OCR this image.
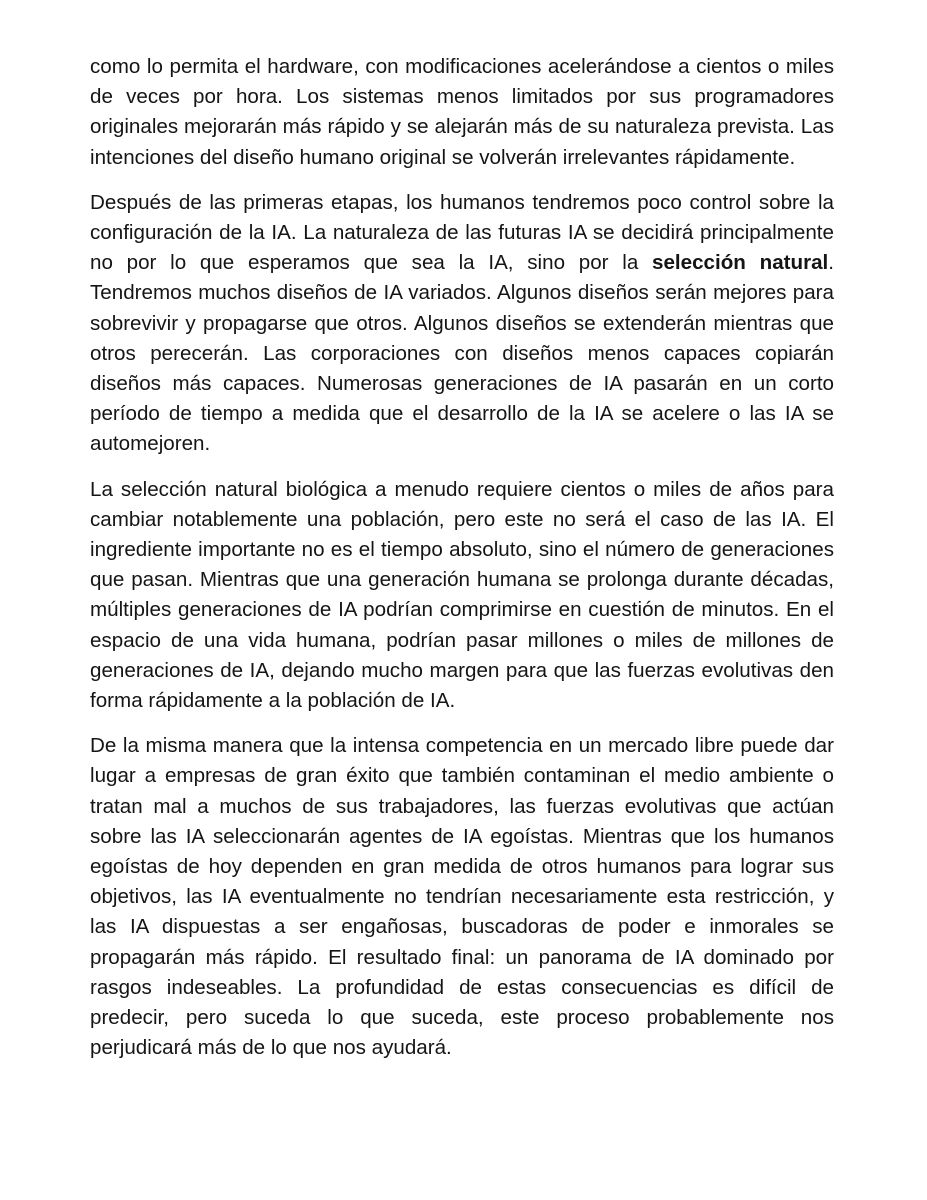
como lo permita el hardware, con modificaciones acelerándose a cientos o miles de veces por hora. Los sistemas menos limitados por sus programadores originales mejorarán más rápido y se alejarán más de su naturaleza prevista. Las intenciones del diseño humano original se volverán irrelevantes rápidamente.

Después de las primeras etapas, los humanos tendremos poco control sobre la configuración de la IA. La naturaleza de las futuras IA se decidirá principalmente no por lo que esperamos que sea la IA, sino por la selección natural. Tendremos muchos diseños de IA variados. Algunos diseños serán mejores para sobrevivir y propagarse que otros. Algunos diseños se extenderán mientras que otros perecerán. Las corporaciones con diseños menos capaces copiarán diseños más capaces. Numerosas generaciones de IA pasarán en un corto período de tiempo a medida que el desarrollo de la IA se acelere o las IA se automejoren.

La selección natural biológica a menudo requiere cientos o miles de años para cambiar notablemente una población, pero este no será el caso de las IA. El ingrediente importante no es el tiempo absoluto, sino el número de generaciones que pasan. Mientras que una generación humana se prolonga durante décadas, múltiples generaciones de IA podrían comprimirse en cuestión de minutos. En el espacio de una vida humana, podrían pasar millones o miles de millones de generaciones de IA, dejando mucho margen para que las fuerzas evolutivas den forma rápidamente a la población de IA.

De la misma manera que la intensa competencia en un mercado libre puede dar lugar a empresas de gran éxito que también contaminan el medio ambiente o tratan mal a muchos de sus trabajadores, las fuerzas evolutivas que actúan sobre las IA seleccionarán agentes de IA egoístas. Mientras que los humanos egoístas de hoy dependen en gran medida de otros humanos para lograr sus objetivos, las IA eventualmente no tendrían necesariamente esta restricción, y las IA dispuestas a ser engañosas, buscadoras de poder e inmorales se propagarán más rápido. El resultado final: un panorama de IA dominado por rasgos indeseables. La profundidad de estas consecuencias es difícil de predecir, pero suceda lo que suceda, este proceso probablemente nos perjudicará más de lo que nos ayudará.
